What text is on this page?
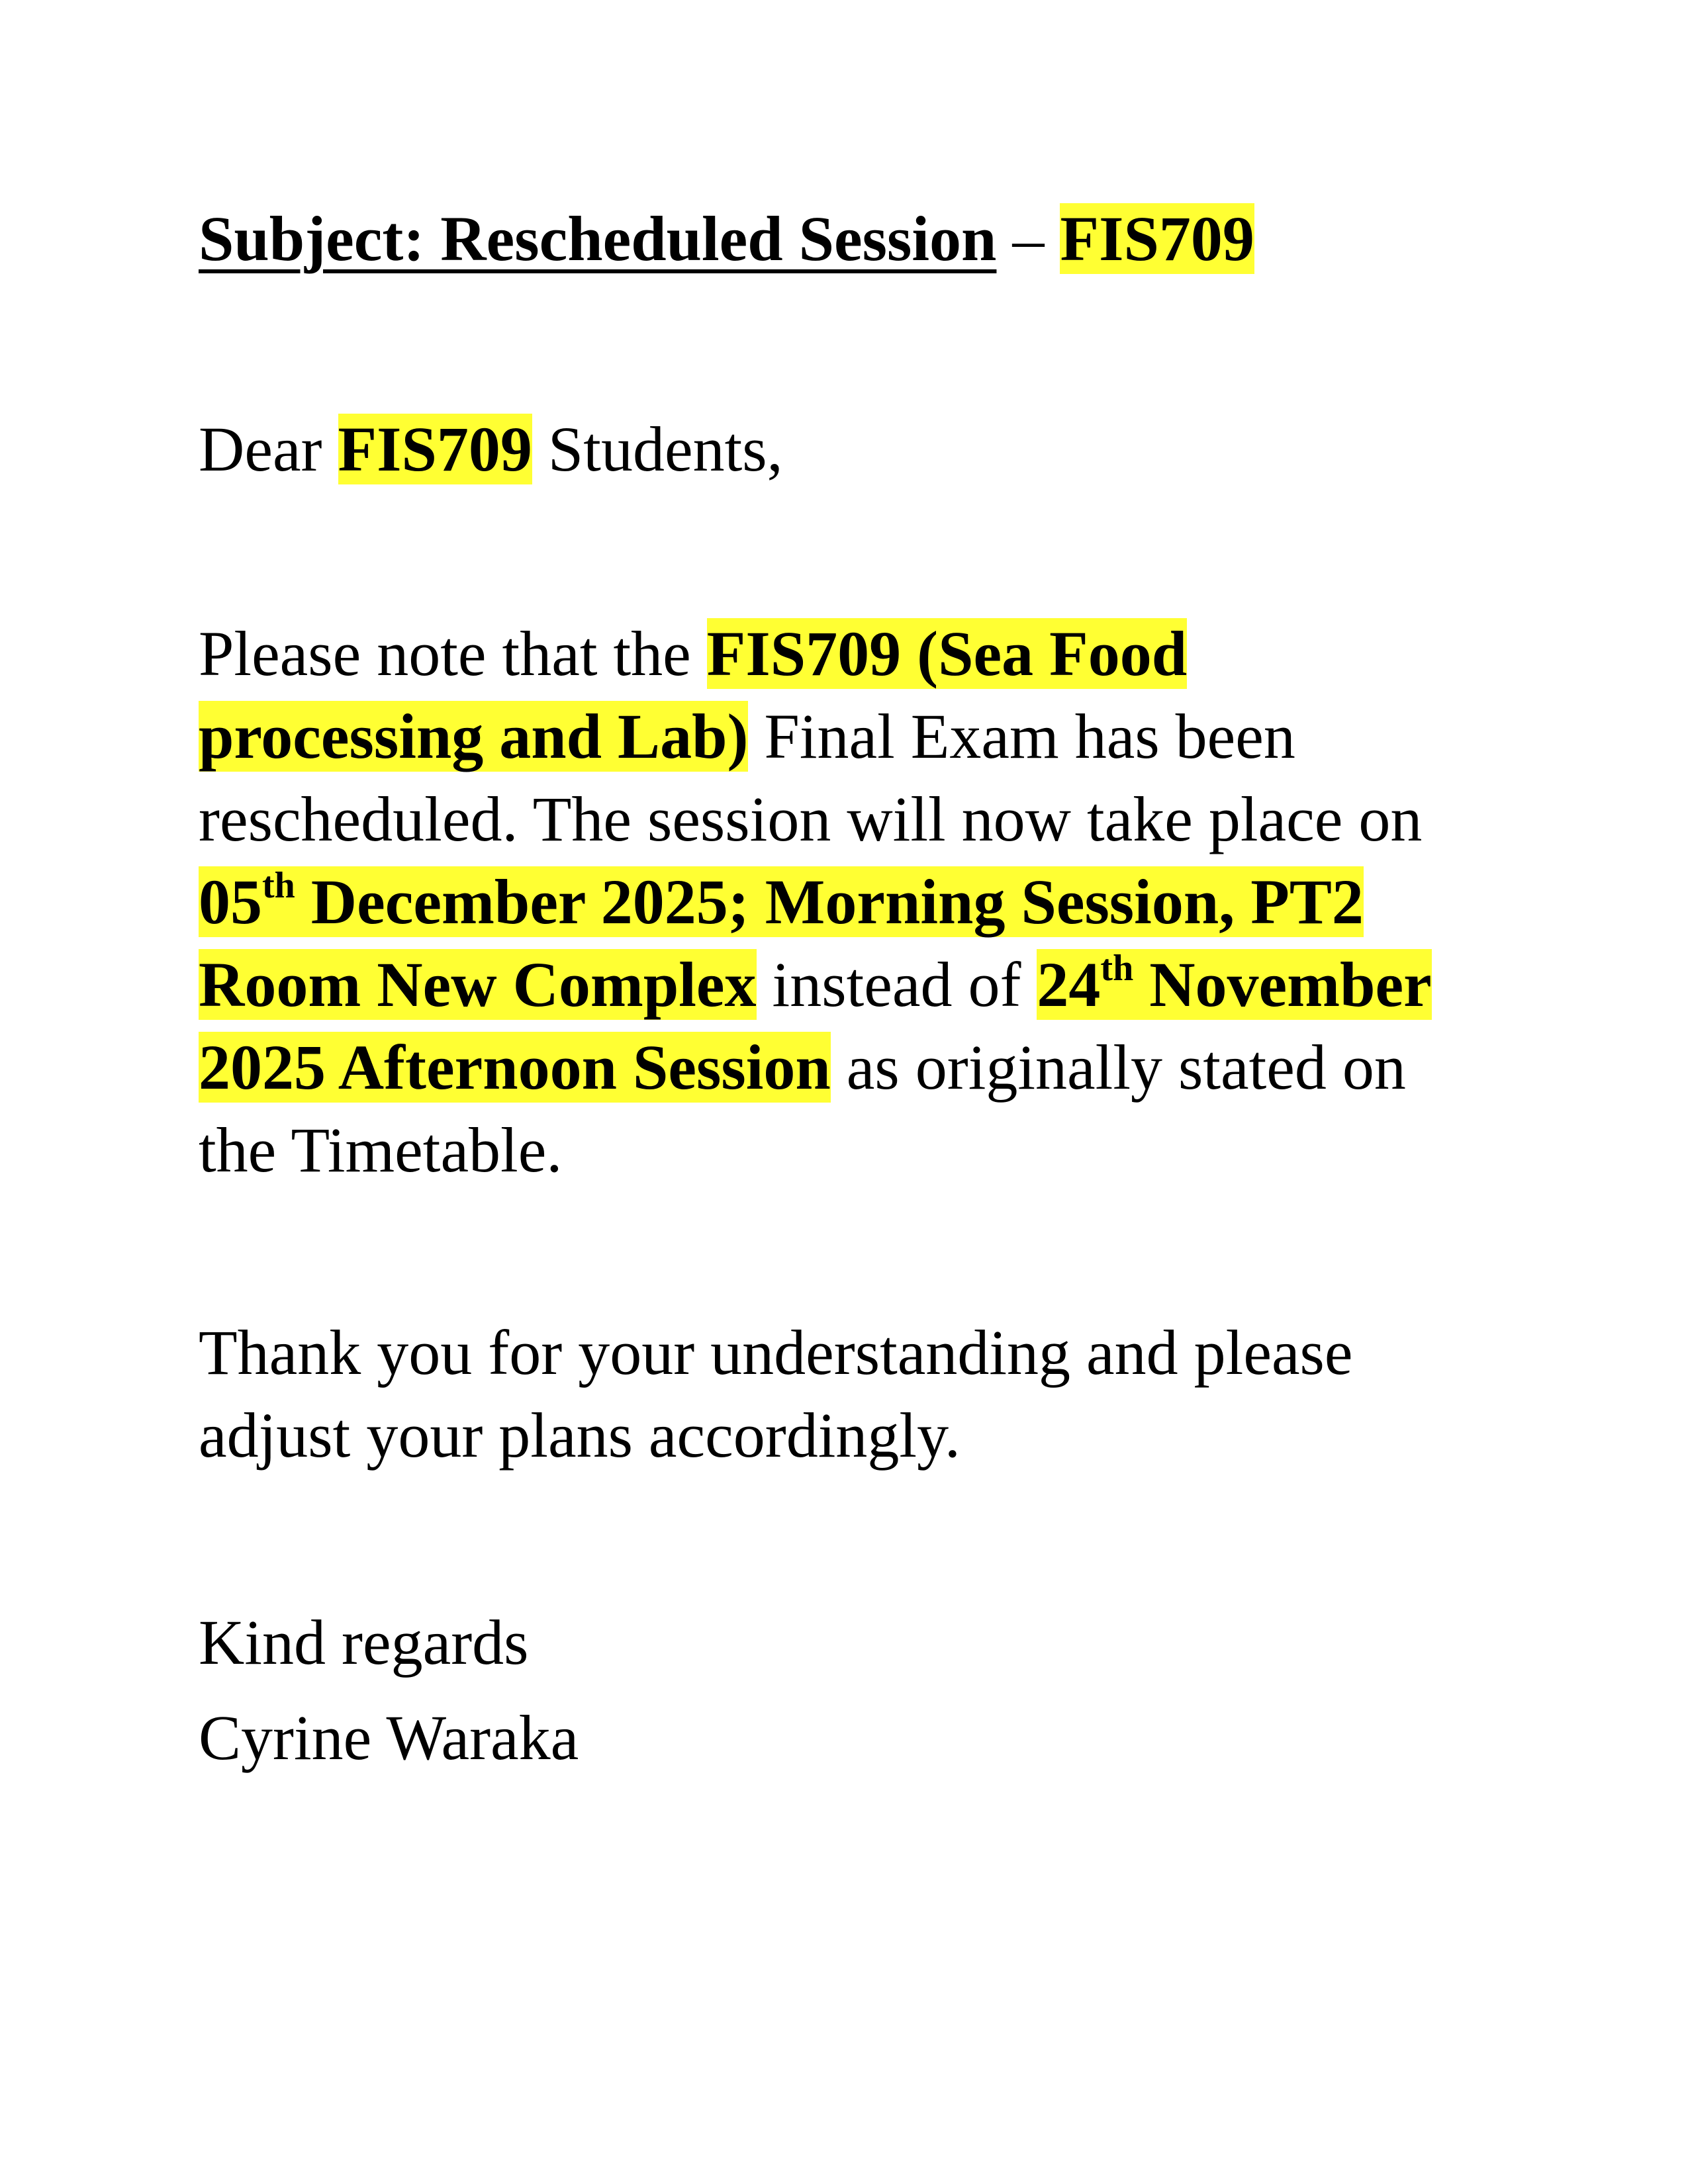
Subject: Rescheduled Session – FIS709
Dear FIS709 Students,
Please note that the FIS709 (Sea Food
processing and Lab) Final Exam has been
rescheduled. The session will now take place on
05th December 2025; Morning Session, PT2
Room New Complex instead of 24th November
2025 Afternoon Session as originally stated on
the Timetable.
Thank you for your understanding and please
adjust your plans accordingly.
Kind regards
Cyrine Waraka
